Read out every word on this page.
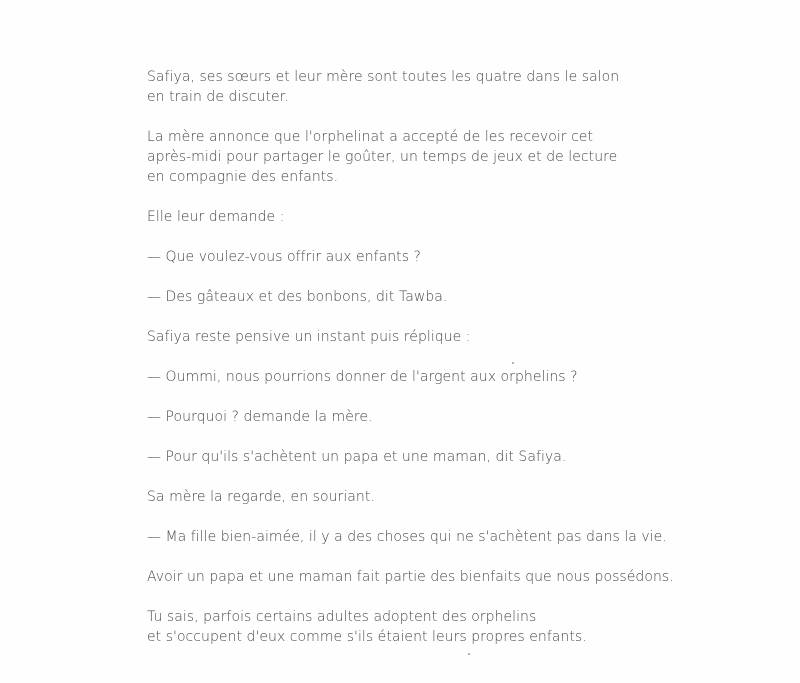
Safiya, ses sœurs et leur mère sont toutes les quatre dans le salon
en train de discuter.

La mère annonce que l'orphelinat a accepté de les recevoir cet
après-midi pour partager le goûter, un temps de jeux et de lecture
en compagnie des enfants.

Elle leur demande :

— Que voulez-vous offrir aux enfants ?

— Des gâteaux et des bonbons, dit Tawba.

Safiya reste pensive un instant puis réplique :

— Oummi, nous pourrions donner de l'argent aux orphelins ?

— Pourquoi ? demande la mère.

— Pour qu'ils s'achètent un papa et une maman, dit Safiya.

Sa mère la regarde, en souriant.

— Ma fille bien-aimée, il y a des choses qui ne s'achètent pas dans la vie.

Avoir un papa et une maman fait partie des bienfaits que nous possédons.

Tu sais, parfois certains adultes adoptent des orphelins
et s'occupent d'eux comme s'ils étaient leurs propres enfants.
